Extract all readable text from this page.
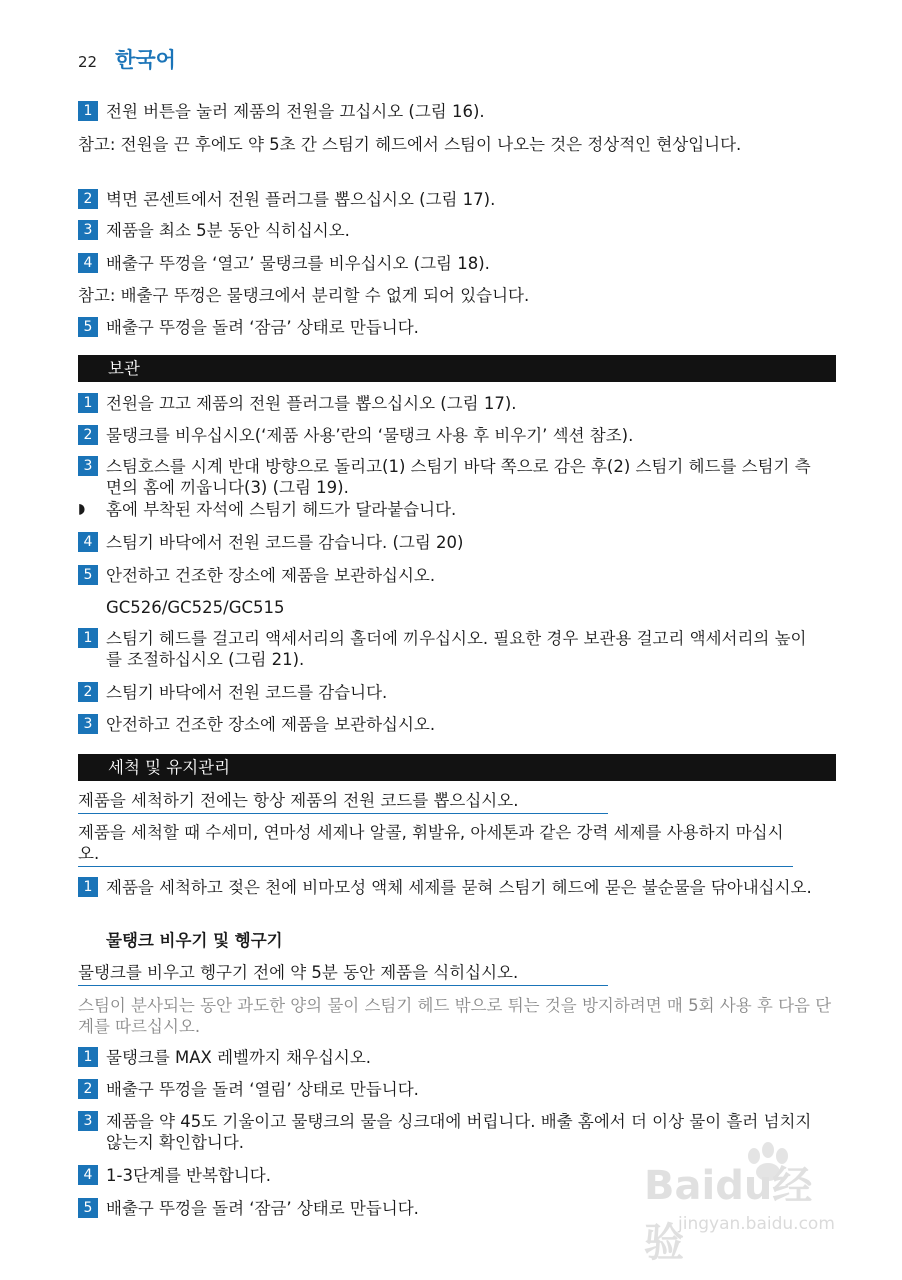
22 한국어
1 전원 버튼을 눌러 제품의 전원을 끄십시오 (그림 16).
참고: 전원을 끈 후에도 약 5초 간 스팀기 헤드에서 스팀이 나오는 것은 정상적인 현상입니다.
2 벽면 콘센트에서 전원 플러그를 뽑으십시오 (그림 17).
3 제품을 최소 5분 동안 식히십시오.
4 배출구 뚜껑을 ‘열고’ 물탱크를 비우십시오 (그림 18).
참고: 배출구 뚜껑은 물탱크에서 분리할 수 없게 되어 있습니다.
5 배출구 뚜껑을 돌려 ‘잠금’ 상태로 만듭니다.
보관
1 전원을 끄고 제품의 전원 플러그를 뽑으십시오 (그림 17).
2 물탱크를 비우십시오(‘제품 사용’란의 ‘물탱크 사용 후 비우기’ 섹션 참조).
3 스팀호스를 시계 반대 방향으로 돌리고(1) 스팀기 바닥 쪽으로 감은 후(2) 스팀기 헤드를 스팀기 측면의 홈에 끼웁니다(3) (그림 19).
◗	홈에 부착된 자석에 스팀기 헤드가 달라붙습니다.
4 스팀기 바닥에서 전원 코드를 감습니다. (그림 20)
5 안전하고 건조한 장소에 제품을 보관하십시오.
GC526/GC525/GC515
1 스팀기 헤드를 걸고리 액세서리의 홀더에 끼우십시오. 필요한 경우 보관용 걸고리 액세서리의 높이를 조절하십시오 (그림 21).
2 스팀기 바닥에서 전원 코드를 감습니다.
3 안전하고 건조한 장소에 제품을 보관하십시오.
세척 및 유지관리
제품을 세척하기 전에는 항상 제품의 전원 코드를 뽑으십시오.
제품을 세척할 때 수세미, 연마성 세제나 알콜, 휘발유, 아세톤과 같은 강력 세제를 사용하지 마십시오.
1 제품을 세척하고 젖은 천에 비마모성 액체 세제를 묻혀 스팀기 헤드에 묻은 불순물을 닦아내십시오.
물탱크 비우기 및 헹구기
물탱크를 비우고 헹구기 전에 약 5분 동안 제품을 식히십시오.
스팀이 분사되는 동안 과도한 양의 물이 스팀기 헤드 밖으로 튀는 것을 방지하려면 매 5회 사용 후 다음 단계를 따르십시오.
1 물탱크를 MAX 레벨까지 채우십시오.
2 배출구 뚜껑을 돌려 ‘열림’ 상태로 만듭니다.
3 제품을 약 45도 기울이고 물탱크의 물을 싱크대에 버립니다. 배출 홈에서 더 이상 물이 흘러 넘치지 않는지 확인합니다.
4 1-3단계를 반복합니다.
5 배출구 뚜껑을 돌려 ‘잠금’ 상태로 만듭니다.	Baidu经验
jingyan.baidu.com
